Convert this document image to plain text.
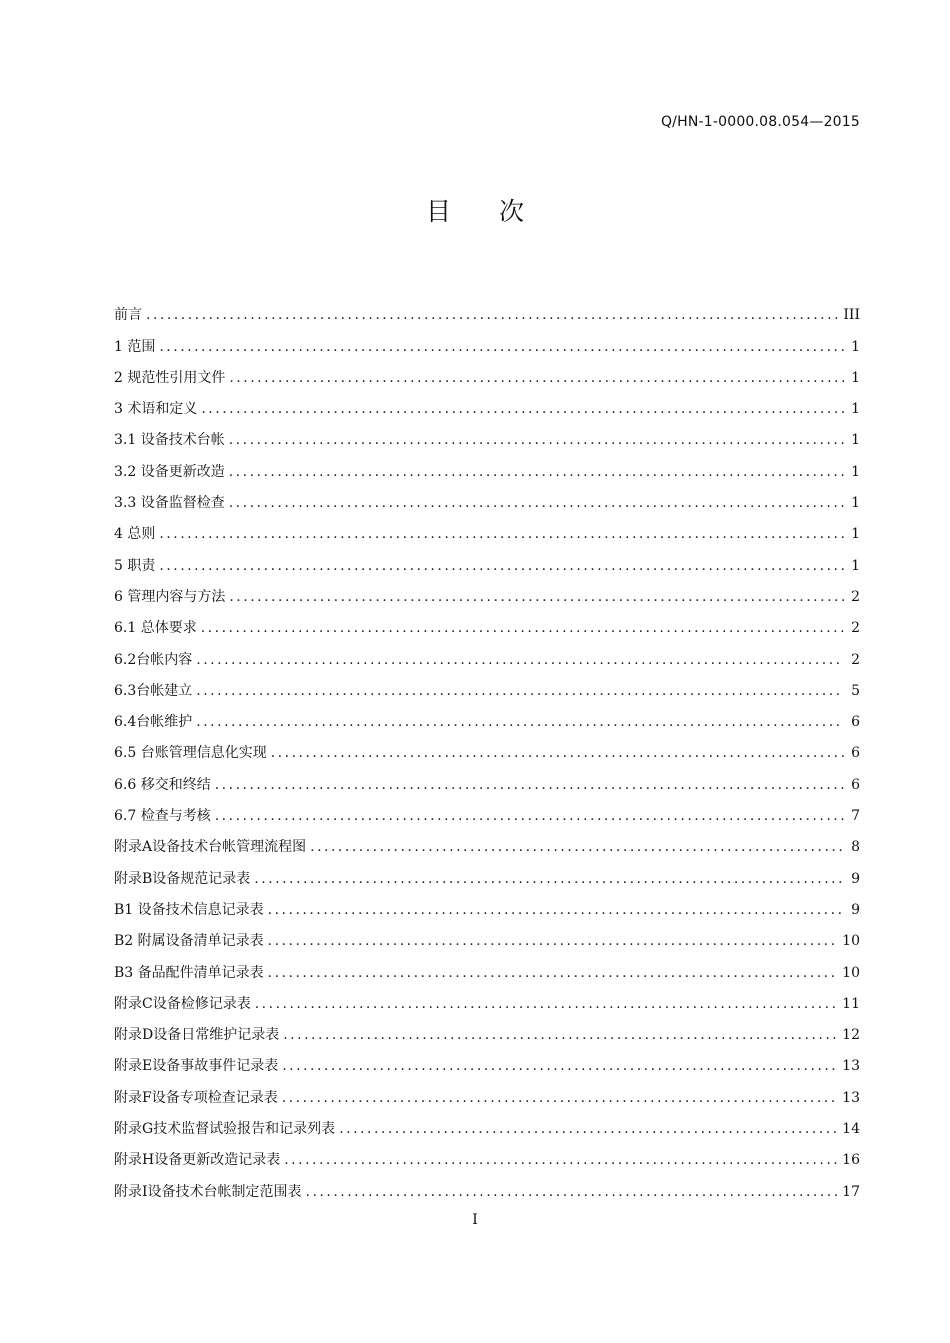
Q/HN-1-0000.08.054—2015
目 次
前言 .....	III
1 范围 .....	1
2 规范性引用文件 .....	1
3 术语和定义 .....	1
3.1 设备技术台帐 .....	1
3.2 设备更新改造 .....	1
3.3 设备监督检查 .....	1
4 总则 .....	1
5 职责 .....	1
6 管理内容与方法 .....	2
6.1 总体要求 .....	2
6.2台帐内容 .....	2
6.3台帐建立 .....	5
6.4台帐维护 .....	6
6.5 台账管理信息化实现 .....	6
6.6 移交和终结 .....	6
6.7 检查与考核 .....	7
附录A设备技术台帐管理流程图 .....	8
附录B设备规范记录表 .....	9
B1 设备技术信息记录表 .....	9
B2 附属设备清单记录表 .....	10
B3 备品配件清单记录表 .....	10
附录C设备检修记录表 .....	11
附录D设备日常维护记录表 .....	12
附录E设备事故事件记录表 .....	13
附录F设备专项检查记录表 .....	13
附录G技术监督试验报告和记录列表 .....	14
附录H设备更新改造记录表 .....	16
附录I设备技术台帐制定范围表 .....	17
I
